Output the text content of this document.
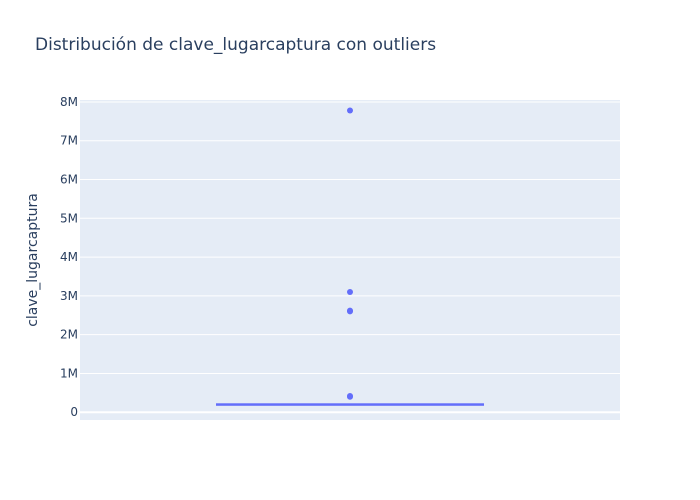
Distribución de clave_lugarcaptura con outliers
0
1M
2M
3M
4M
5M
6M
7M
8M
clave_lugarcaptura
